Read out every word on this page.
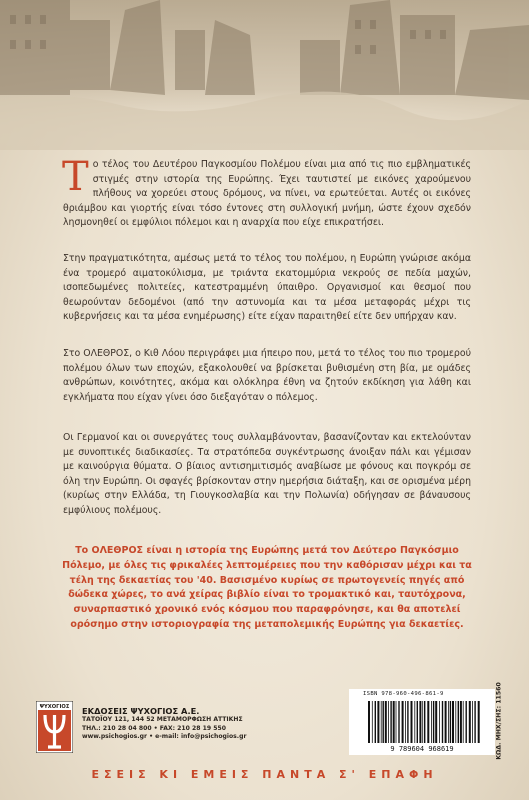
Το τέλος του Δευτέρου Παγκοσμίου Πολέμου είναι μια από τις πιο εμβληματικές στιγμές στην ιστορία της Ευρώπης. Έχει ταυτιστεί με εικόνες χαρούμενου πλήθους να χορεύει στους δρόμους, να πίνει, να ερωτεύεται. Αυτές οι εικόνες θριάμβου και γιορτής είναι τόσο έντονες στη συλλογική μνήμη, ώστε έχουν σχεδόν λησμονηθεί οι εμφύλιοι πόλεμοι και η αναρχία που είχε επικρατήσει.

Στην πραγματικότητα, αμέσως μετά το τέλος του πολέμου, η Ευρώπη γνώρισε ακόμα ένα τρομερό αιματοκύλισμα, με τριάντα εκατομμύρια νεκρούς σε πεδία μαχών, ισοπεδωμένες πολιτείες, κατεστραμμένη ύπαιθρο. Οργανισμοί και θεσμοί που θεωρούνταν δεδομένοι (από την αστυνομία και τα μέσα μεταφοράς μέχρι τις κυβερνήσεις και τα μέσα ενημέρωσης) είτε είχαν παραιτηθεί είτε δεν υπήρχαν καν.

Στο ΟΛΕΘΡΟΣ, ο Κιθ Λόου περιγράφει μια ήπειρο που, μετά το τέλος του πιο τρομερού πολέμου όλων των εποχών, εξακολουθεί να βρίσκεται βυθισμένη στη βία, με ομάδες ανθρώπων, κοινότητες, ακόμα και ολόκληρα έθνη να ζητούν εκδίκηση για λάθη και εγκλήματα που είχαν γίνει όσο διεξαγόταν ο πόλεμος.

Οι Γερμανοί και οι συνεργάτες τους συλλαμβάνονταν, βασανίζονταν και εκτελούνταν με συνοπτικές διαδικασίες. Τα στρατόπεδα συγκέντρωσης άνοιξαν πάλι και γέμισαν με καινούργια θύματα. Ο βίαιος αντισημιτισμός αναβίωσε με φόνους και πογκρόμ σε όλη την Ευρώπη. Οι σφαγές βρίσκονταν στην ημερήσια διάταξη, και σε ορισμένα μέρη (κυρίως στην Ελλάδα, τη Γιουγκοσλαβία και την Πολωνία) οδήγησαν σε βάναυσους εμφύλιους πολέμους.

Το ΟΛΕΘΡΟΣ είναι η ιστορία της Ευρώπης μετά τον Δεύτερο Παγκόσμιο Πόλεμο, με όλες τις φρικαλέες λεπτομέρειες που την καθόρισαν μέχρι και τα τέλη της δεκαετίας του '40. Βασισμένο κυρίως σε πρωτογενείς πηγές από δώδεκα χώρες, το ανά χείρας βιβλίο είναι το τρομακτικό και, ταυτόχρονα, συναρπαστικό χρονικό ενός κόσμου που παραφρόνησε, και θα αποτελεί ορόσημο στην ιστοριογραφία της μεταπολεμικής Ευρώπης για δεκαετίες.

ISBN 978-960-496-861-9
9 789604 968619	ΚΩΔ. ΜΗΧ/ΣΗΣ: 11560
ΨΥΧΟΓΙΟΣ ΕΚΔΟΣΕΙΣ ΨΥΧΟΓΙΟΣ Α.Ε.
ΤΑΤΟΪΟΥ 121, 144 52 ΜΕΤΑΜΟΡΦΩΣΗ ΑΤΤΙΚΗΣ
ΤΗΛ.: 210 28 04 800 • FAX: 210 28 19 550
www.psichogios.gr • e-mail: info@psichogios.gr
ΕΣΕΙΣ ΚΙ ΕΜΕΙΣ ΠΑΝΤΑ Σ' ΕΠΑΦΗ
